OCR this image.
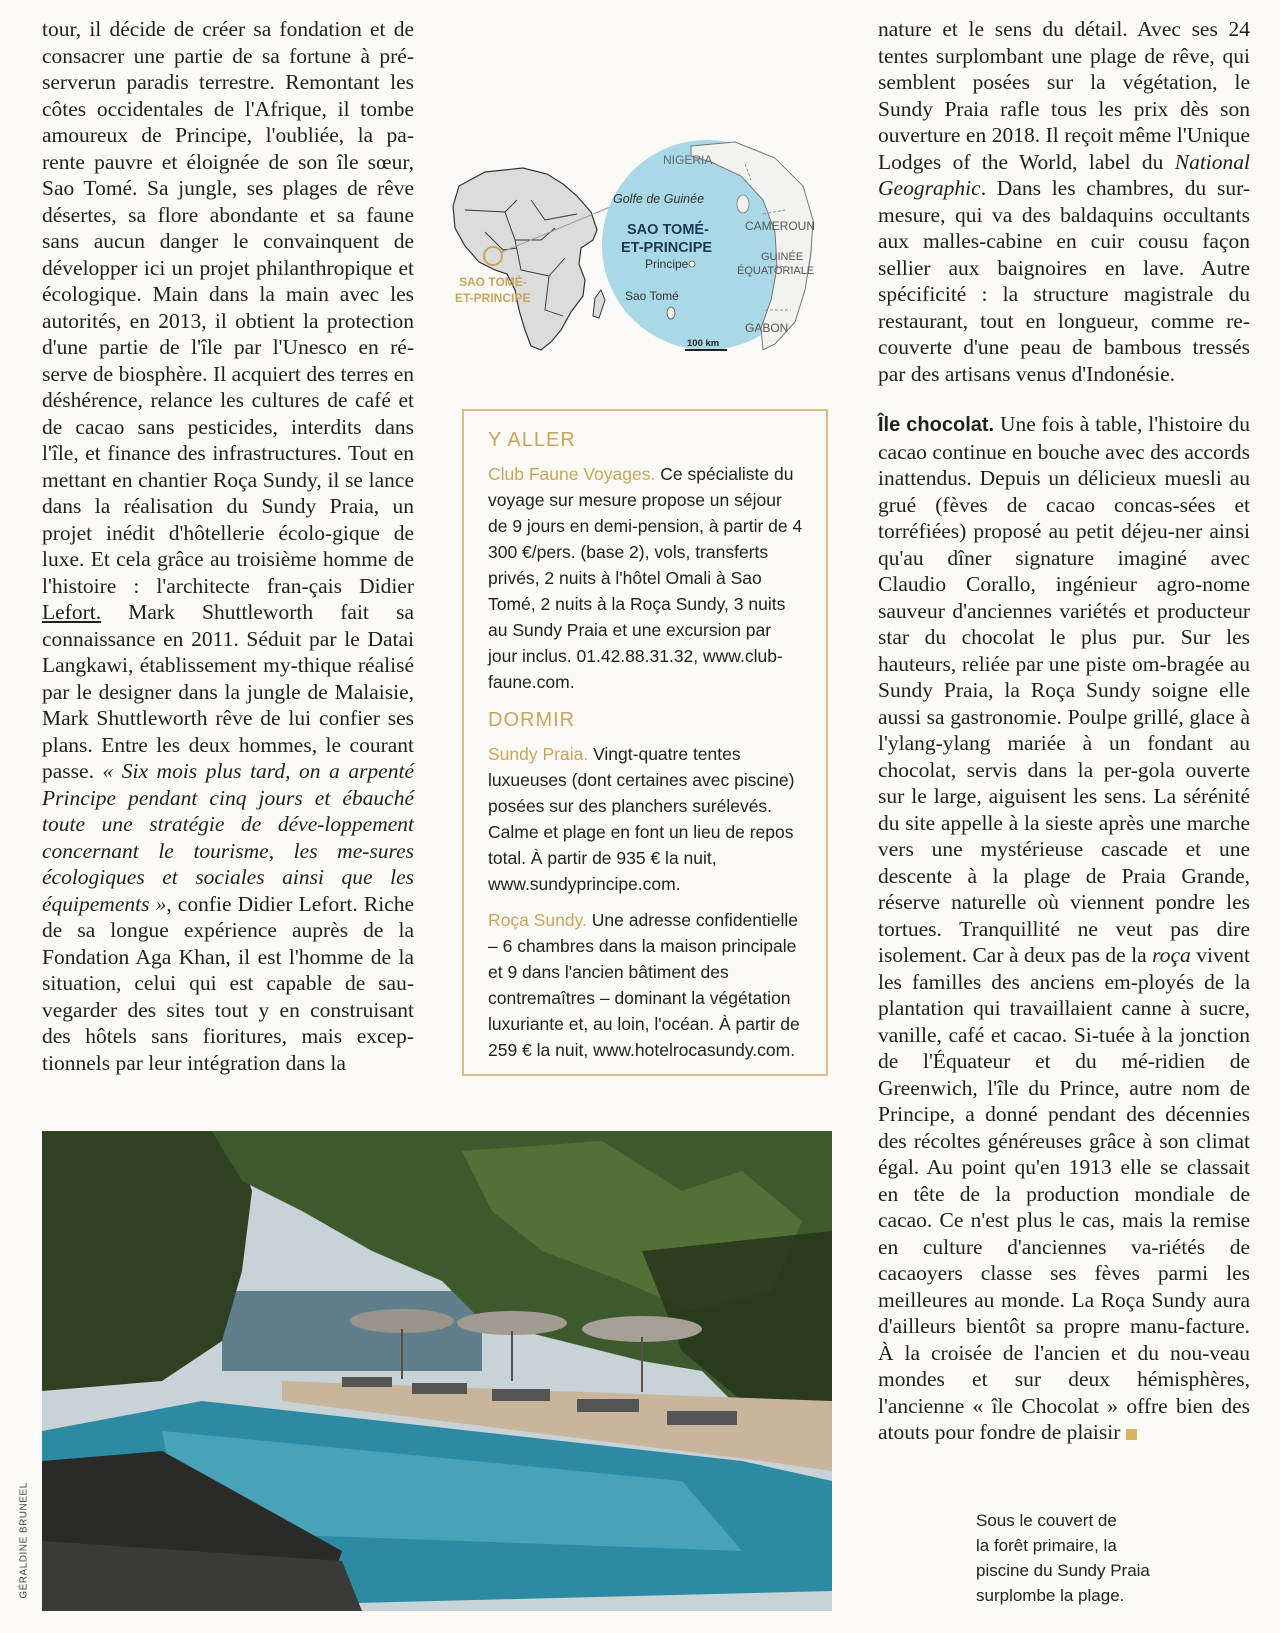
tour, il décide de créer sa fondation et de consacrer une partie de sa fortune à pré-serverun paradis terrestre. Remontant les côtes occidentales de l'Afrique, il tombe amoureux de Principe, l'oubliée, la pa-rente pauvre et éloignée de son île sœur, Sao Tomé. Sa jungle, ses plages de rêve désertes, sa flore abondante et sa faune sans aucun danger le convainquent de développer ici un projet philanthropique et écologique. Main dans la main avec les autorités, en 2013, il obtient la protection d'une partie de l'île par l'Unesco en ré-serve de biosphère. Il acquiert des terres en déshérence, relance les cultures de café et de cacao sans pesticides, interdits dans l'île, et finance des infrastructures. Tout en mettant en chantier Roça Sundy, il se lance dans la réalisation du Sundy Praia, un projet inédit d'hôtellerie écolo-gique de luxe. Et cela grâce au troisième homme de l'histoire : l'architecte fran-çais Didier Lefort. Mark Shuttleworth fait sa connaissance en 2011. Séduit par le Datai Langkawi, établissement my-thique réalisé par le designer dans la jungle de Malaisie, Mark Shuttleworth rêve de lui confier ses plans. Entre les deux hommes, le courant passe. « Six mois plus tard, on a arpenté Principe pendant cinq jours et ébauché toute une stratégie de déve-loppement concernant le tourisme, les me-sures écologiques et sociales ainsi que les équipements », confie Didier Lefort. Riche de sa longue expérience auprès de la Fondation Aga Khan, il est l'homme de la situation, celui qui est capable de sau-vegarder des sites tout y en construisant des hôtels sans fioritures, mais excep-tionnels par leur intégration dans la

SAO TOMÉ-
ET-PRINCIPE
NIGERIA
Golfe de Guinée
SAO TOMÉ-
ET-PRINCIPE
CAMEROUN
GUINÉE
ÉQUATORIALE
Principe
Sao Tomé
GABON
100 km
Y ALLER
Club Faune Voyages. Ce spécialiste du voyage sur mesure propose un séjour de 9 jours en demi-pension, à partir de 4 300 €/pers. (base 2), vols, transferts privés, 2 nuits à l'hôtel Omali à Sao Tomé, 2 nuits à la Roça Sundy, 3 nuits au Sundy Praia et une excursion par jour inclus. 01.42.88.31.32, www.club-faune.com.
DORMIR
Sundy Praia. Vingt-quatre tentes luxueuses (dont certaines avec piscine) posées sur des planchers surélevés. Calme et plage en font un lieu de repos total. À partir de 935 € la nuit, www.sundyprincipe.com.
Roça Sundy. Une adresse confidentielle – 6 chambres dans la maison principale et 9 dans l'ancien bâtiment des contremaîtres – dominant la végétation luxuriante et, au loin, l'océan. À partir de 259 € la nuit, www.hotelrocasundy.com.

nature et le sens du détail. Avec ses 24 tentes surplombant une plage de rêve, qui semblent posées sur la végétation, le Sundy Praia rafle tous les prix dès son ouverture en 2018. Il reçoit même l'Unique Lodges of the World, label du National Geographic. Dans les chambres, du sur-mesure, qui va des baldaquins occultants aux malles-cabine en cuir cousu façon sellier aux baignoires en lave. Autre spécificité : la structure magistrale du restaurant, tout en longueur, comme re-couverte d'une peau de bambous tressés par des artisans venus d'Indonésie.

Île chocolat. Une fois à table, l'histoire du cacao continue en bouche avec des accords inattendus. Depuis un délicieux muesli au grué (fèves de cacao concas-sées et torréfiées) proposé au petit déjeu-ner ainsi qu'au dîner signature imaginé avec Claudio Corallo, ingénieur agro-nome sauveur d'anciennes variétés et producteur star du chocolat le plus pur. Sur les hauteurs, reliée par une piste om-bragée au Sundy Praia, la Roça Sundy soigne elle aussi sa gastronomie. Poulpe grillé, glace à l'ylang-ylang mariée à un fondant au chocolat, servis dans la per-gola ouverte sur le large, aiguisent les sens. La sérénité du site appelle à la sieste après une marche vers une mystérieuse cascade et une descente à la plage de Praia Grande, réserve naturelle où viennent pondre les tortues. Tranquillité ne veut pas dire isolement. Car à deux pas de la roça vivent les familles des anciens em-ployés de la plantation qui travaillaient canne à sucre, vanille, café et cacao. Si-tuée à la jonction de l'Équateur et du mé-ridien de Greenwich, l'île du Prince, autre nom de Principe, a donné pendant des décennies des récoltes généreuses grâce à son climat égal. Au point qu'en 1913 elle se classait en tête de la production mondiale de cacao. Ce n'est plus le cas, mais la remise en culture d'anciennes va-riétés de cacaoyers classe ses fèves parmi les meilleures au monde. La Roça Sundy aura d'ailleurs bientôt sa propre manu-facture. À la croisée de l'ancien et du nou-veau mondes et sur deux hémisphères, l'ancienne « île Chocolat » offre bien des atouts pour fondre de plaisir

GÉRALDINE BRUNEEL	Sous le couvert de
la forêt primaire, la
piscine du Sundy Praia
surplombe la plage.
